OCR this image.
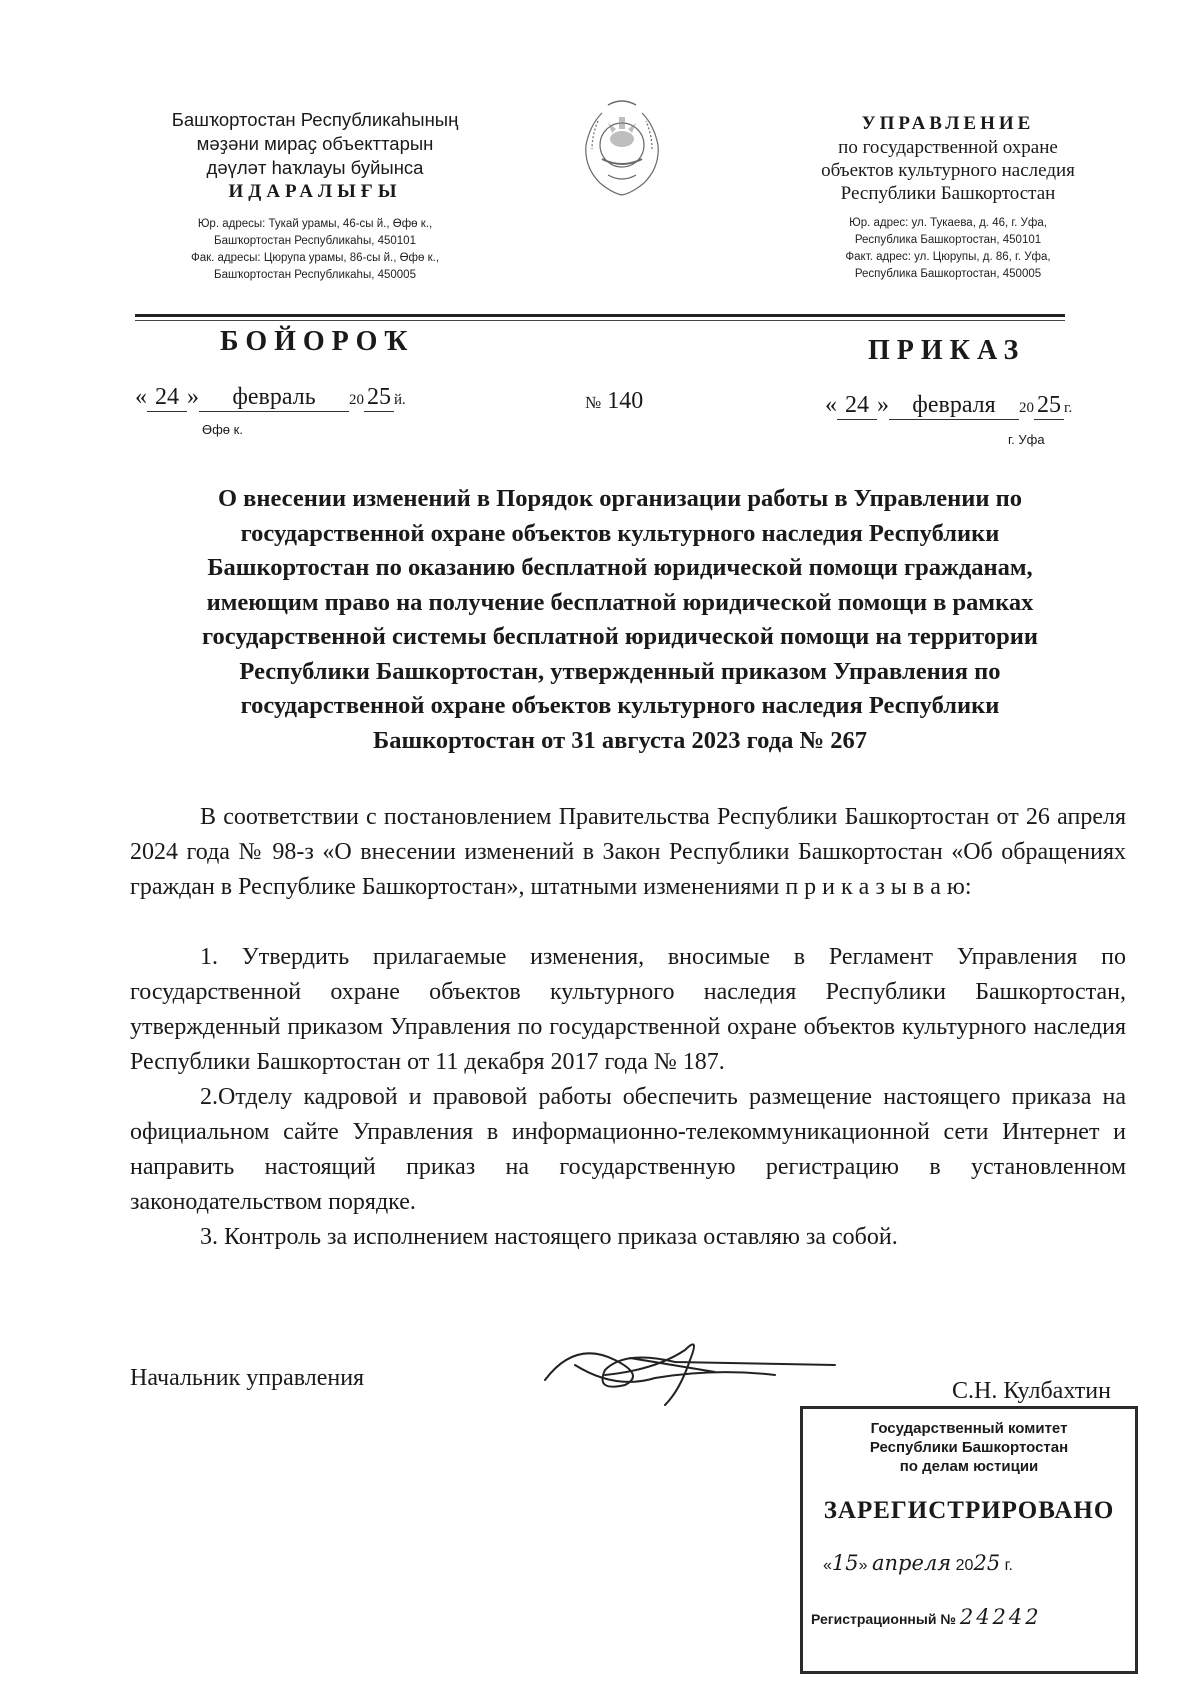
Башҡортостан Республикаһының
мәҙәни мираҫ объекттарын
дәүләт һаҡлауы буйынса
ИДАРАЛЫҒЫ
Юр. адресы: Тукай урамы, 46-сы й., Өфө к.,
Башҡортостан Республикаһы, 450101
Фак. адресы: Цюрупа урамы, 86-сы й., Өфө к.,
Башҡортостан Республикаһы, 450005
УПРАВЛЕНИЕ
по государственной охране
объектов культурного наследия
Республики Башкортостан
Юр. адрес: ул. Тукаева, д. 46, г. Уфа,
Республика Башкортостан, 450101
Факт. адрес: ул. Цюрупы, д. 86, г. Уфа,
Республика Башкортостан, 450005
БОЙОРОҠ	ПРИКАЗ
« 24 » февраль 20 25 й.
Өфө к.
№ 140	« 24 » февраля 20 25 г.
г. Уфа
О внесении изменений в Порядок организации работы в Управлении по государственной охране объектов культурного наследия Республики Башкортостан по оказанию бесплатной юридической помощи гражданам, имеющим право на получение бесплатной юридической помощи в рамках государственной системы бесплатной юридической помощи на территории Республики Башкортостан, утвержденный приказом Управления по государственной охране объектов культурного наследия Республики Башкортостан от 31 августа 2023 года № 267
В соответствии с постановлением Правительства Республики Башкортостан от 26 апреля 2024 года № 98-з «О внесении изменений в Закон Республики Башкортостан «Об обращениях граждан в Республике Башкортостан», штатными изменениями п р и к а з ы в а ю:
1. Утвердить прилагаемые изменения, вносимые в Регламент Управления по государственной охране объектов культурного наследия Республики Башкортостан, утвержденный приказом Управления по государственной охране объектов культурного наследия Республики Башкортостан от 11 декабря 2017 года № 187.
2.Отделу кадровой и правовой работы обеспечить размещение настоящего приказа на официальном сайте Управления в информационно-телекоммуникационной сети Интернет и направить настоящий приказ на государственную регистрацию в установленном законодательством порядке.
3. Контроль за исполнением настоящего приказа оставляю за собой.
Начальник управления	С.Н. Кулбахтин
Государственный комитет
Республики Башкортостан
по делам юстиции
ЗАРЕГИСТРИРОВАНО
«15» апреля 2025 г.
Регистрационный № 24242
